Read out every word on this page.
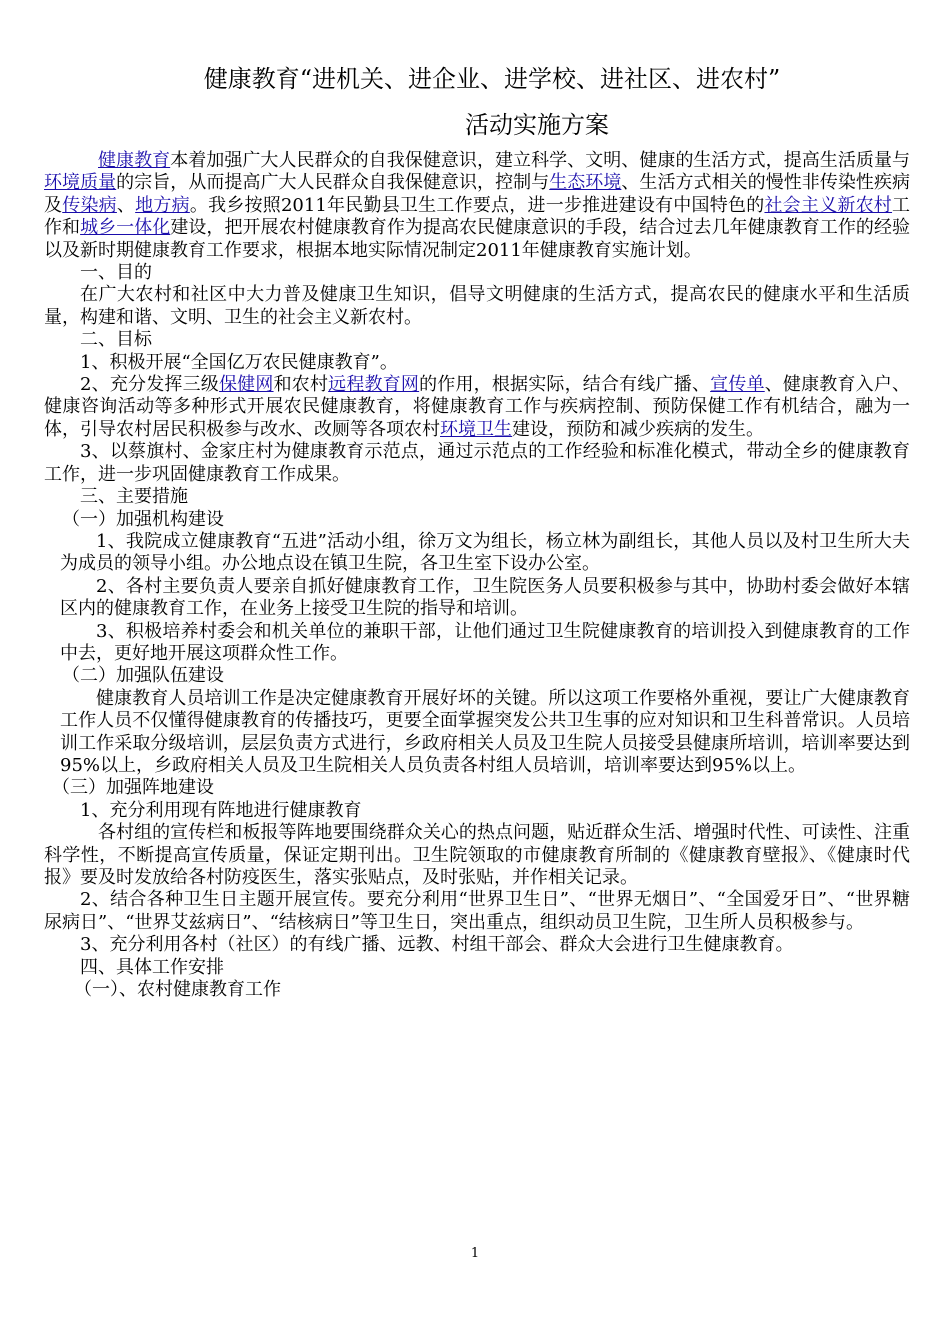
健康教育“进机关、进企业、进学校、进社区、进农村”
活动实施方案

健康教育本着加强广大人民群众的自我保健意识，建立科学、文明、健康的生活方式，提高生活质量与环境质量的宗旨，从而提高广大人民群众自我保健意识，控制与生态环境、生活方式相关的慢性非传染性疾病及传染病、地方病。我乡按照2011年民勤县卫生工作要点，进一步推进建设有中国特色的社会主义新农村工作和城乡一体化建设，把开展农村健康教育作为提高农民健康意识的手段，结合过去几年健康教育工作的经验以及新时期健康教育工作要求，根据本地实际情况制定2011年健康教育实施计划。

一、目的

在广大农村和社区中大力普及健康卫生知识，倡导文明健康的生活方式，提高农民的健康水平和生活质量，构建和谐、文明、卫生的社会主义新农村。

二、目标

1、积极开展“全国亿万农民健康教育”。

2、充分发挥三级保健网和农村远程教育网的作用，根据实际，结合有线广播、宣传单、健康教育入户、健康咨询活动等多种形式开展农民健康教育，将健康教育工作与疾病控制、预防保健工作有机结合，融为一体，引导农村居民积极参与改水、改厕等各项农村环境卫生建设，预防和减少疾病的发生。

3、以蔡旗村、金家庄村为健康教育示范点，通过示范点的工作经验和标准化模式，带动全乡的健康教育工作，进一步巩固健康教育工作成果。

三、主要措施

（一）加强机构建设

1、我院成立健康教育“五进”活动小组，徐万文为组长，杨立林为副组长，其他人员以及村卫生所大夫为成员的领导小组。办公地点设在镇卫生院，各卫生室下设办公室。

2、各村主要负责人要亲自抓好健康教育工作，卫生院医务人员要积极参与其中，协助村委会做好本辖区内的健康教育工作，在业务上接受卫生院的指导和培训。

3、积极培养村委会和机关单位的兼职干部，让他们通过卫生院健康教育的培训投入到健康教育的工作中去，更好地开展这项群众性工作。

（二）加强队伍建设

健康教育人员培训工作是决定健康教育开展好坏的关键。所以这项工作要格外重视，要让广大健康教育工作人员不仅懂得健康教育的传播技巧，更要全面掌握突发公共卫生事的应对知识和卫生科普常识。人员培训工作采取分级培训，层层负责方式进行，乡政府相关人员及卫生院人员接受县健康所培训，培训率要达到95%以上，乡政府相关人员及卫生院相关人员负责各村组人员培训，培训率要达到95%以上。

（三）加强阵地建设

1、充分利用现有阵地进行健康教育

各村组的宣传栏和板报等阵地要围绕群众关心的热点问题，贴近群众生活、增强时代性、可读性、注重科学性，不断提高宣传质量，保证定期刊出。卫生院领取的市健康教育所制的《健康教育壁报》、《健康时代报》要及时发放给各村防疫医生，落实张贴点，及时张贴，并作相关记录。

2、结合各种卫生日主题开展宣传。要充分利用“世界卫生日”、“世界无烟日”、“全国爱牙日”、“世界糖尿病日”、“世界艾兹病日”、“结核病日”等卫生日，突出重点，组织动员卫生院，卫生所人员积极参与。

3、充分利用各村（社区）的有线广播、远教、村组干部会、群众大会进行卫生健康教育。

四、具体工作安排

（一）、农村健康教育工作

1
